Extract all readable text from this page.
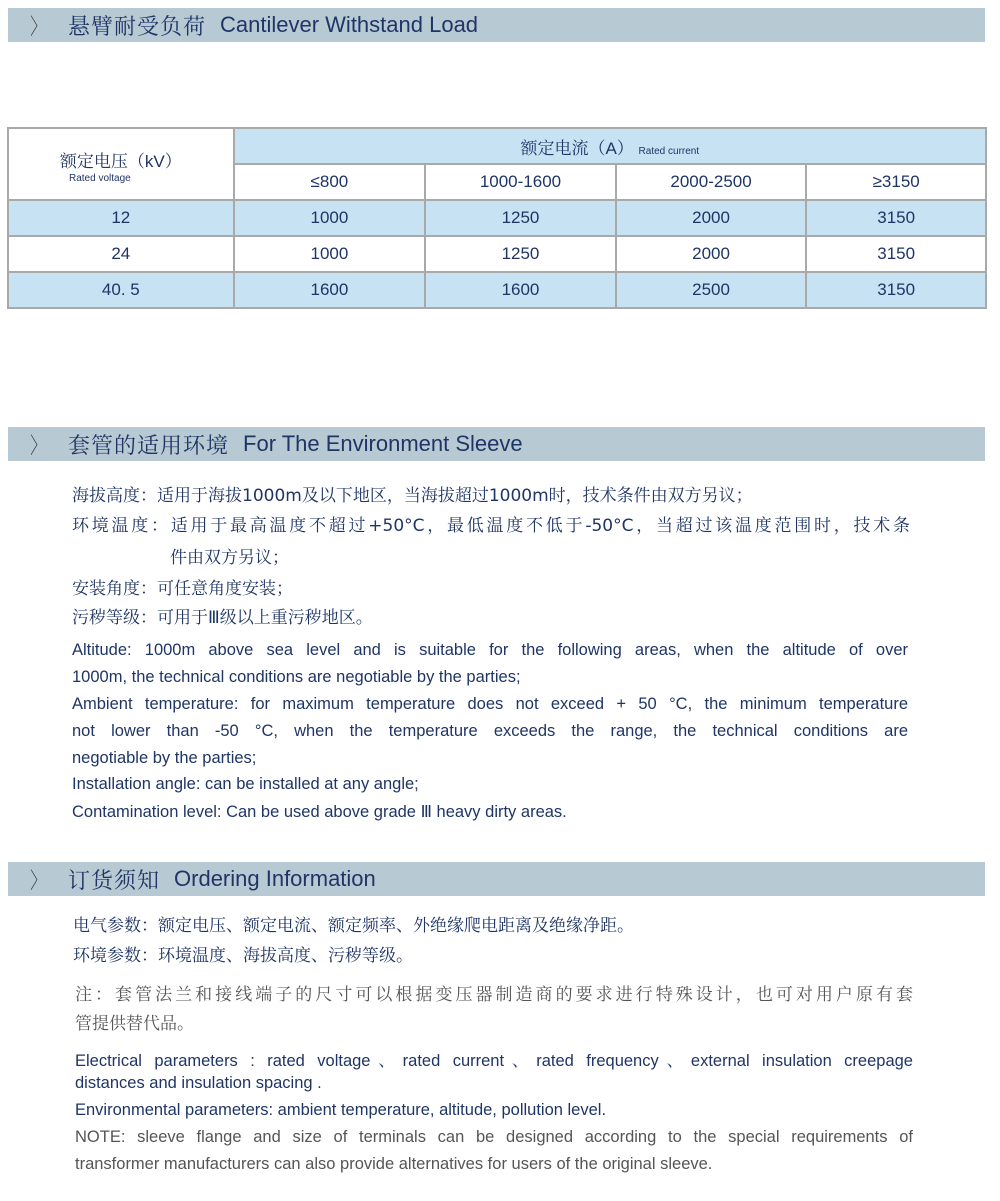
〉	悬臂耐受负荷 Cantilever Withstand Load
额定电压（kV）
Rated voltage	额定电流（A） Rated current			
	≤800	1000-1600	2000-2500	≥3150
12	1000	1250	2000	3150
24	1000	1250	2000	3150
40. 5	1600	1600	2500	3150
〉	套管的适用环境 For The Environment Sleeve
海拔高度：适用于海拔1000m及以下地区，当海拔超过1000m时，技术条件由双方另议；
环境温度：适用于最高温度不超过+50°C，最低温度不低于-50°C，当超过该温度范围时，技术条
件由双方另议；
安装角度：可任意角度安装；
污秽等级：可用于Ⅲ级以上重污秽地区。
Altitude: 1000m above sea level and is suitable for the following areas, when the altitude of over
1000m, the technical conditions are negotiable by the parties;
Ambient temperature: for maximum temperature does not exceed + 50 °C, the minimum temperature
not lower than -50 °C, when the temperature exceeds the range, the technical conditions are
negotiable by the parties;
Installation angle: can be installed at any angle;
Contamination level: Can be used above grade Ⅲ heavy dirty areas.
〉	订货须知 Ordering Information
电气参数：额定电压、额定电流、额定频率、外绝缘爬电距离及绝缘净距。
环境参数：环境温度、海拔高度、污秽等级。
注：套管法兰和接线端子的尺寸可以根据变压器制造商的要求进行特殊设计，也可对用户原有套
管提供替代品。
Electrical parameters : rated voltage、rated current、rated frequency、external insulation creepage
distances and insulation spacing .
Environmental parameters: ambient temperature, altitude, pollution level.
NOTE: sleeve flange and size of terminals can be designed according to the special requirements of
transformer manufacturers can also provide alternatives for users of the original sleeve.
